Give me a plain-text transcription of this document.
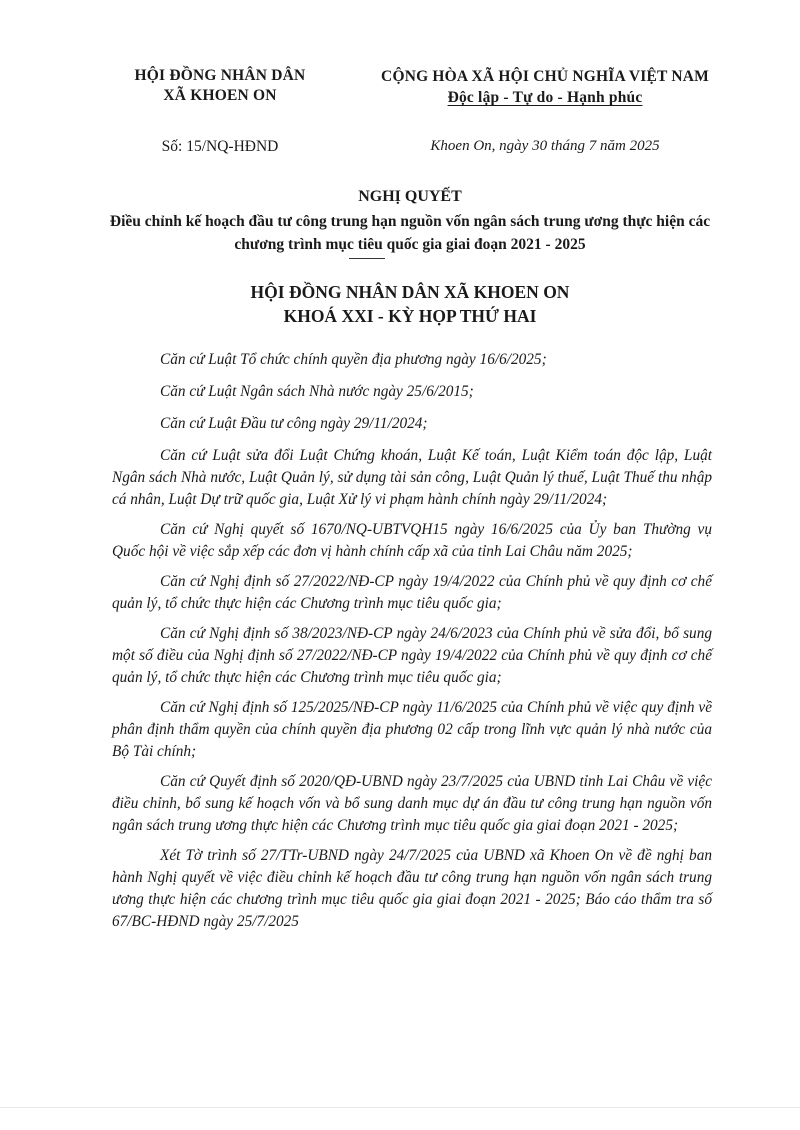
HỘI ĐỒNG NHÂN DÂN
XÃ KHOEN ON
CỘNG HÒA XÃ HỘI CHỦ NGHĨA VIỆT NAM
Độc lập - Tự do - Hạnh phúc
Số: 15/NQ-HĐND	Khoen On, ngày 30 tháng 7 năm 2025
NGHỊ QUYẾT
Điều chỉnh kế hoạch đầu tư công trung hạn nguồn vốn ngân sách trung ương thực hiện các chương trình mục tiêu quốc gia giai đoạn 2021 - 2025
HỘI ĐỒNG NHÂN DÂN XÃ KHOEN ON
KHOÁ XXI - KỲ HỌP THỨ HAI

Căn cứ Luật Tổ chức chính quyền địa phương ngày 16/6/2025;

Căn cứ Luật Ngân sách Nhà nước ngày 25/6/2015;

Căn cứ Luật Đầu tư công ngày 29/11/2024;

Căn cứ Luật sửa đổi Luật Chứng khoán, Luật Kế toán, Luật Kiểm toán độc lập, Luật Ngân sách Nhà nước, Luật Quản lý, sử dụng tài sản công, Luật Quản lý thuế, Luật Thuế thu nhập cá nhân, Luật Dự trữ quốc gia, Luật Xử lý vi phạm hành chính ngày 29/11/2024;

Căn cứ Nghị quyết số 1670/NQ-UBTVQH15 ngày 16/6/2025 của Ủy ban Thường vụ Quốc hội về việc sắp xếp các đơn vị hành chính cấp xã của tỉnh Lai Châu năm 2025;

Căn cứ Nghị định số 27/2022/NĐ-CP ngày 19/4/2022 của Chính phủ về quy định cơ chế quản lý, tổ chức thực hiện các Chương trình mục tiêu quốc gia;

Căn cứ Nghị định số 38/2023/NĐ-CP ngày 24/6/2023 của Chính phủ về sửa đổi, bổ sung một số điều của Nghị định số 27/2022/NĐ-CP ngày 19/4/2022 của Chính phủ về quy định cơ chế quản lý, tổ chức thực hiện các Chương trình mục tiêu quốc gia;

Căn cứ Nghị định số 125/2025/NĐ-CP ngày 11/6/2025 của Chính phủ về việc quy định về phân định thẩm quyền của chính quyền địa phương 02 cấp trong lĩnh vực quản lý nhà nước của Bộ Tài chính;

Căn cứ Quyết định số 2020/QĐ-UBND ngày 23/7/2025 của UBND tỉnh Lai Châu về việc điều chỉnh, bổ sung kế hoạch vốn và bổ sung danh mục dự án đầu tư công trung hạn nguồn vốn ngân sách trung ương thực hiện các Chương trình mục tiêu quốc gia giai đoạn 2021 - 2025;

Xét Tờ trình số 27/TTr-UBND ngày 24/7/2025 của UBND xã Khoen On về đề nghị ban hành Nghị quyết về việc điều chỉnh kế hoạch đầu tư công trung hạn nguồn vốn ngân sách trung ương thực hiện các chương trình mục tiêu quốc gia giai đoạn 2021 - 2025; Báo cáo thẩm tra số 67/BC-HĐND ngày 25/7/2025
